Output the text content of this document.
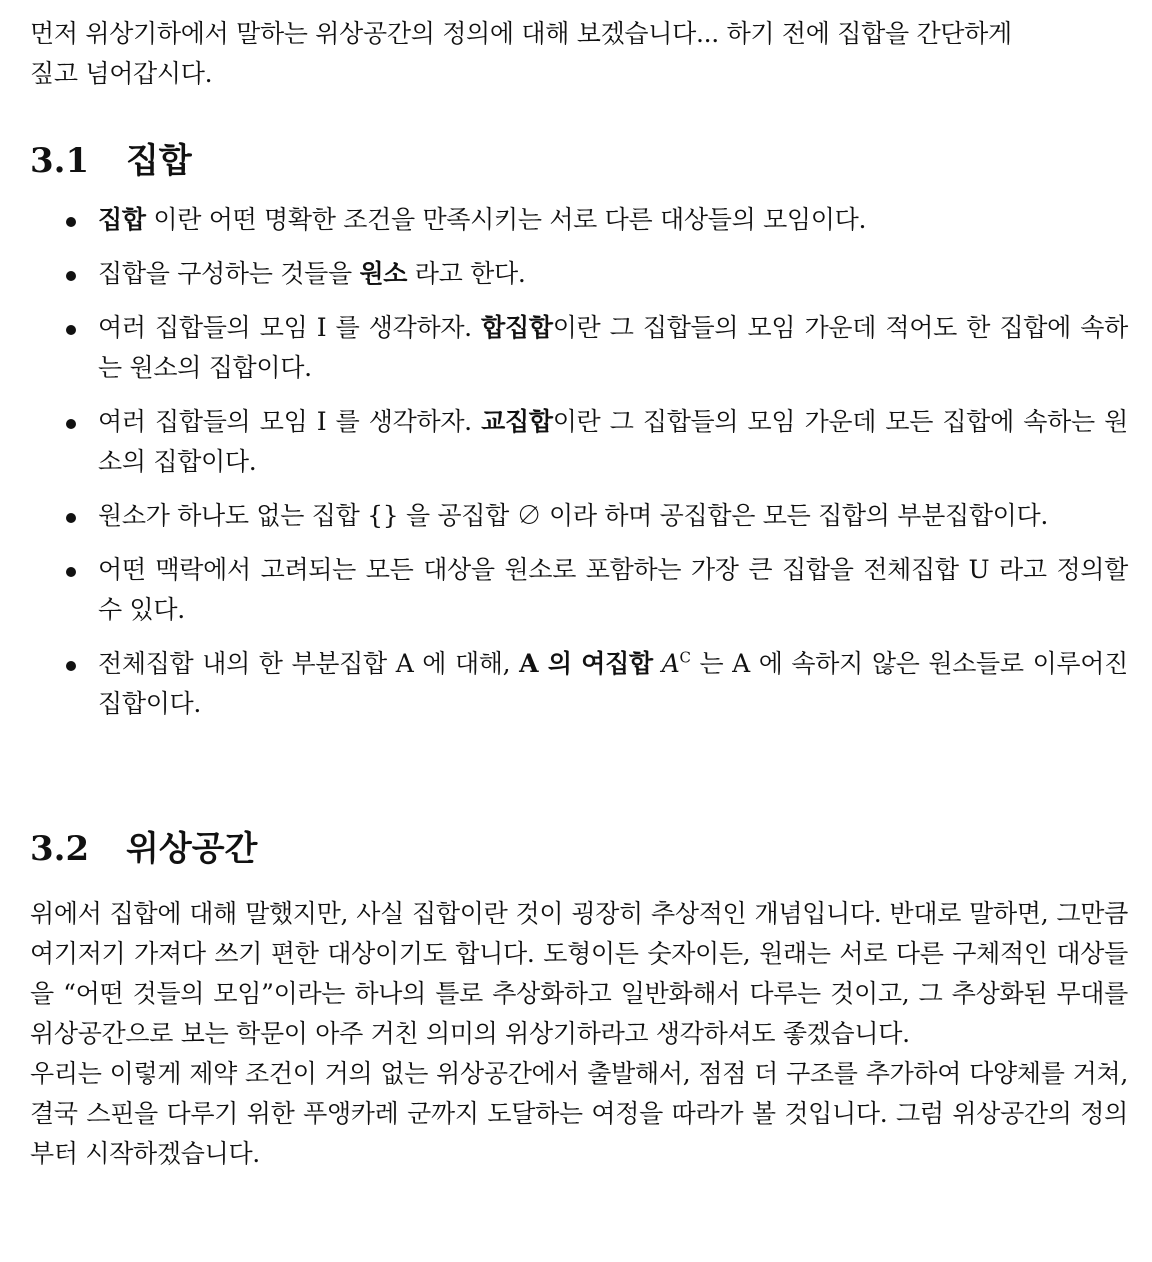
먼저 위상기하에서 말하는 위상공간의 정의에 대해 보겠습니다... 하기 전에 집합을 간단하게
짚고 넘어갑시다.
3.1 집합
집합 이란 어떤 명확한 조건을 만족시키는 서로 다른 대상들의 모임이다.
집합을 구성하는 것들을 원소 라고 한다.
여러 집합들의 모임 I 를 생각하자. 합집합이란 그 집합들의 모임 가운데 적어도 한 집합에 속하는 원소의 집합이다.
여러 집합들의 모임 I 를 생각하자. 교집합이란 그 집합들의 모임 가운데 모든 집합에 속하는 원소의 집합이다.
원소가 하나도 없는 집합 {} 을 공집합 ∅ 이라 하며 공집합은 모든 집합의 부분집합이다.
어떤 맥락에서 고려되는 모든 대상을 원소로 포함하는 가장 큰 집합을 전체집합 U 라고 정의할 수 있다.
전체집합 내의 한 부분집합 A 에 대해, A 의 여집합 $A^C$ 는 A 에 속하지 않은 원소들로 이루어진 집합이다.
3.2 위상공간
위에서 집합에 대해 말했지만, 사실 집합이란 것이 굉장히 추상적인 개념입니다. 반대로 말하면, 그만큼 여기저기 가져다 쓰기 편한 대상이기도 합니다. 도형이든 숫자이든, 원래는 서로 다른 구체적인 대상들을 “어떤 것들의 모임”이라는 하나의 틀로 추상화하고 일반화해서 다루는 것이고, 그 추상화된 무대를 위상공간으로 보는 학문이 아주 거친 의미의 위상기하라고 생각하셔도 좋겠습니다.
우리는 이렇게 제약 조건이 거의 없는 위상공간에서 출발해서, 점점 더 구조를 추가하여 다양체를 거쳐, 결국 스핀을 다루기 위한 푸앵카레 군까지 도달하는 여정을 따라가 볼 것입니다. 그럼 위상공간의 정의부터 시작하겠습니다.
